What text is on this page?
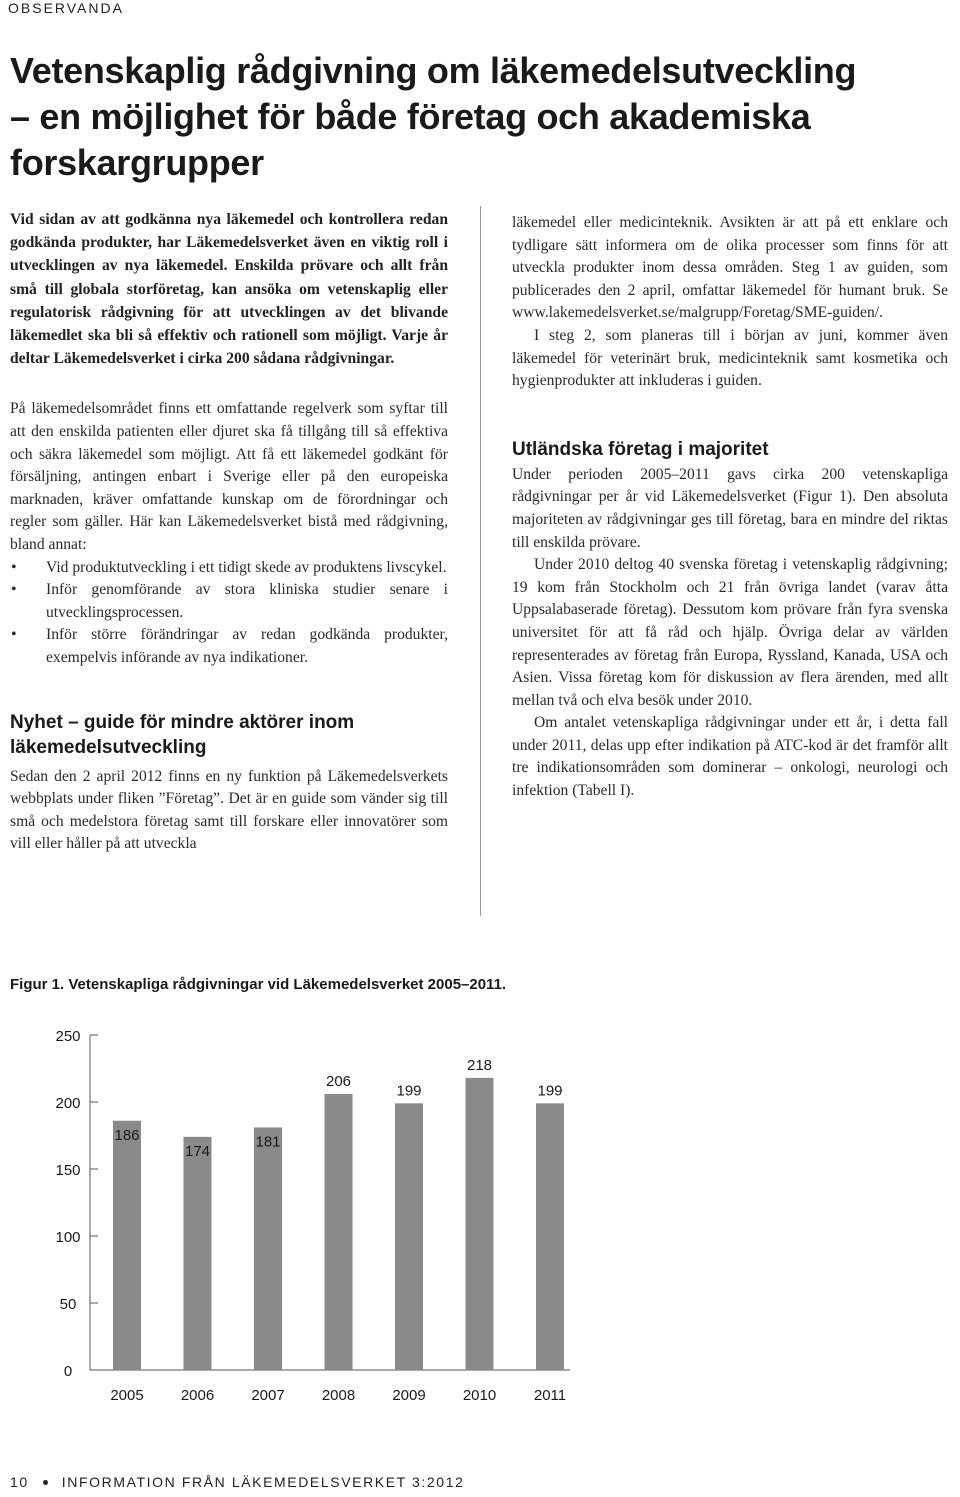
OBSERVANDA
Vetenskaplig rådgivning om läkemedelsutveckling
– en möjlighet för både företag och akademiska
forskargrupper

Vid sidan av att godkänna nya läkemedel och kontrollera redan godkända produkter, har Läkemedelsverket även en viktig roll i utvecklingen av nya läkemedel. Enskilda prövare och allt från små till globala storföretag, kan ansöka om vetenskaplig eller regulatorisk rådgivning för att utvecklingen av det blivande läkemedlet ska bli så effektiv och rationell som möjligt. Varje år deltar Läkemedelsverket i cirka 200 sådana rådgivningar.

På läkemedelsområdet finns ett omfattande regelverk som syftar till att den enskilda patienten eller djuret ska få tillgång till så effektiva och säkra läkemedel som möjligt. Att få ett läkemedel godkänt för försäljning, antingen enbart i Sverige eller på den europeiska marknaden, kräver omfattande kunskap om de förordningar och regler som gäller. Här kan Läkemedelsverket bistå med rådgivning, bland annat:

• Vid produktutveckling i ett tidigt skede av produktens livscykel.
• Inför genomförande av stora kliniska studier senare i utvecklingsprocessen.
• Inför större förändringar av redan godkända produkter, exempelvis införande av nya indikationer.
Nyhet – guide för mindre aktörer inom läkemedelsutveckling

Sedan den 2 april 2012 finns en ny funktion på Läkemedelsverkets webbplats under fliken ”Företag”. Det är en guide som vänder sig till små och medelstora företag samt till forskare eller innovatörer som vill eller håller på att utveckla

läkemedel eller medicinteknik. Avsikten är att på ett enklare och tydligare sätt informera om de olika processer som finns för att utveckla produkter inom dessa områden. Steg 1 av guiden, som publicerades den 2 april, omfattar läkemedel för humant bruk. Se www.lakemedelsverket.se/malgrupp/Foretag/SME-guiden/.

I steg 2, som planeras till i början av juni, kommer även läkemedel för veterinärt bruk, medicinteknik samt kosmetika och hygienprodukter att inkluderas i guiden.

Utländska företag i majoritet

Under perioden 2005–2011 gavs cirka 200 vetenskapliga rådgivningar per år vid Läkemedelsverket (Figur 1). Den absoluta majoriteten av rådgivningar ges till företag, bara en mindre del riktas till enskilda prövare.

Under 2010 deltog 40 svenska företag i vetenskaplig rådgivning; 19 kom från Stockholm och 21 från övriga landet (varav åtta Uppsalabaserade företag). Dessutom kom prövare från fyra svenska universitet för att få råd och hjälp. Övriga delar av världen representerades av företag från Europa, Ryssland, Kanada, USA och Asien. Vissa företag kom för diskussion av flera ärenden, med allt mellan två och elva besök under 2010.

Om antalet vetenskapliga rådgivningar under ett år, i detta fall under 2011, delas upp efter indikation på ATC-kod är det framför allt tre indikationsområden som dominerar – onkologi, neurologi och infektion (Tabell I).

Figur 1. Vetenskapliga rådgivningar vid Läkemedelsverket 2005–2011.
0
50
100
150
200
250
186
2005
174
2006
181
2007
206
2008
199
2009
218
2010
199
2011
10 INFORMATION FRÅN LÄKEMEDELSVERKET 3:2012
